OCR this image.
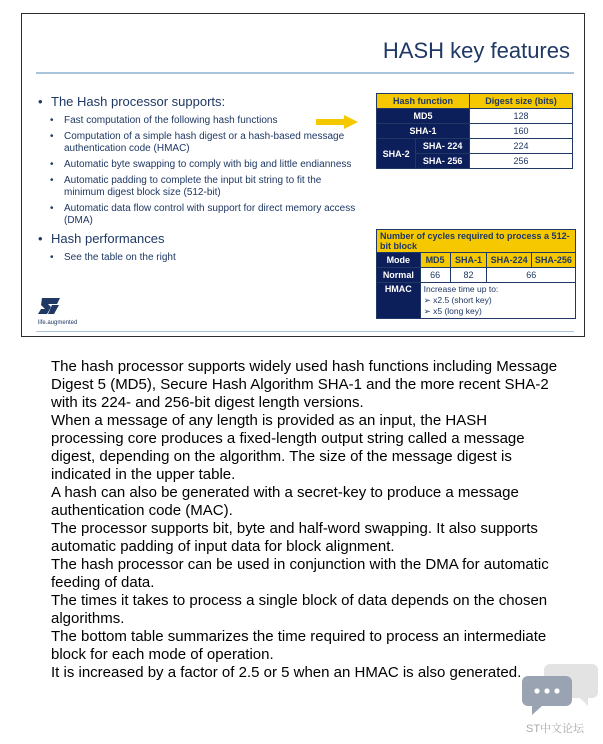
HASH key features
• The Hash processor supports:
• Fast computation of the following hash functions
• Computation of a simple hash digest or a hash-based message authentication code (HMAC)
• Automatic byte swapping to comply with big and little endianness
• Automatic padding to complete the input bit string to fit the minimum digest block size (512-bit)
• Automatic data flow control with support for direct memory access (DMA)
• Hash performances
• See the table on the right
Hash function		Digest size (bits)
MD5		128
SHA-1		160
SHA-2	SHA- 224	224
	SHA- 256	256
Number of cycles required to process a 512-bit block				
Mode	MD5	SHA-1	SHA-224	SHA-256
Normal	66	82	66	
HMAC	Increase time up to:
➢ x2.5 (short key)
➢ x5 (long key)			
life.augmented

The hash processor supports widely used hash functions including Message Digest 5 (MD5), Secure Hash Algorithm SHA-1 and the more recent SHA-2 with its 224- and 256-bit digest length versions.

When a message of any length is provided as an input, the HASH processing core produces a fixed-length output string called a message digest, depending on the algorithm. The size of the message digest is indicated in the upper table.

A hash can also be generated with a secret-key to produce a message authentication code (MAC).

The processor supports bit, byte and half-word swapping. It also supports automatic padding of input data for block alignment.

The hash processor can be used in conjunction with the DMA for automatic feeding of data.

The times it takes to process a single block of data depends on the chosen algorithms.

The bottom table summarizes the time required to process an intermediate block for each mode of operation.

It is increased by a factor of 2.5 or 5 when an HMAC is also generated.

ST中文论坛
